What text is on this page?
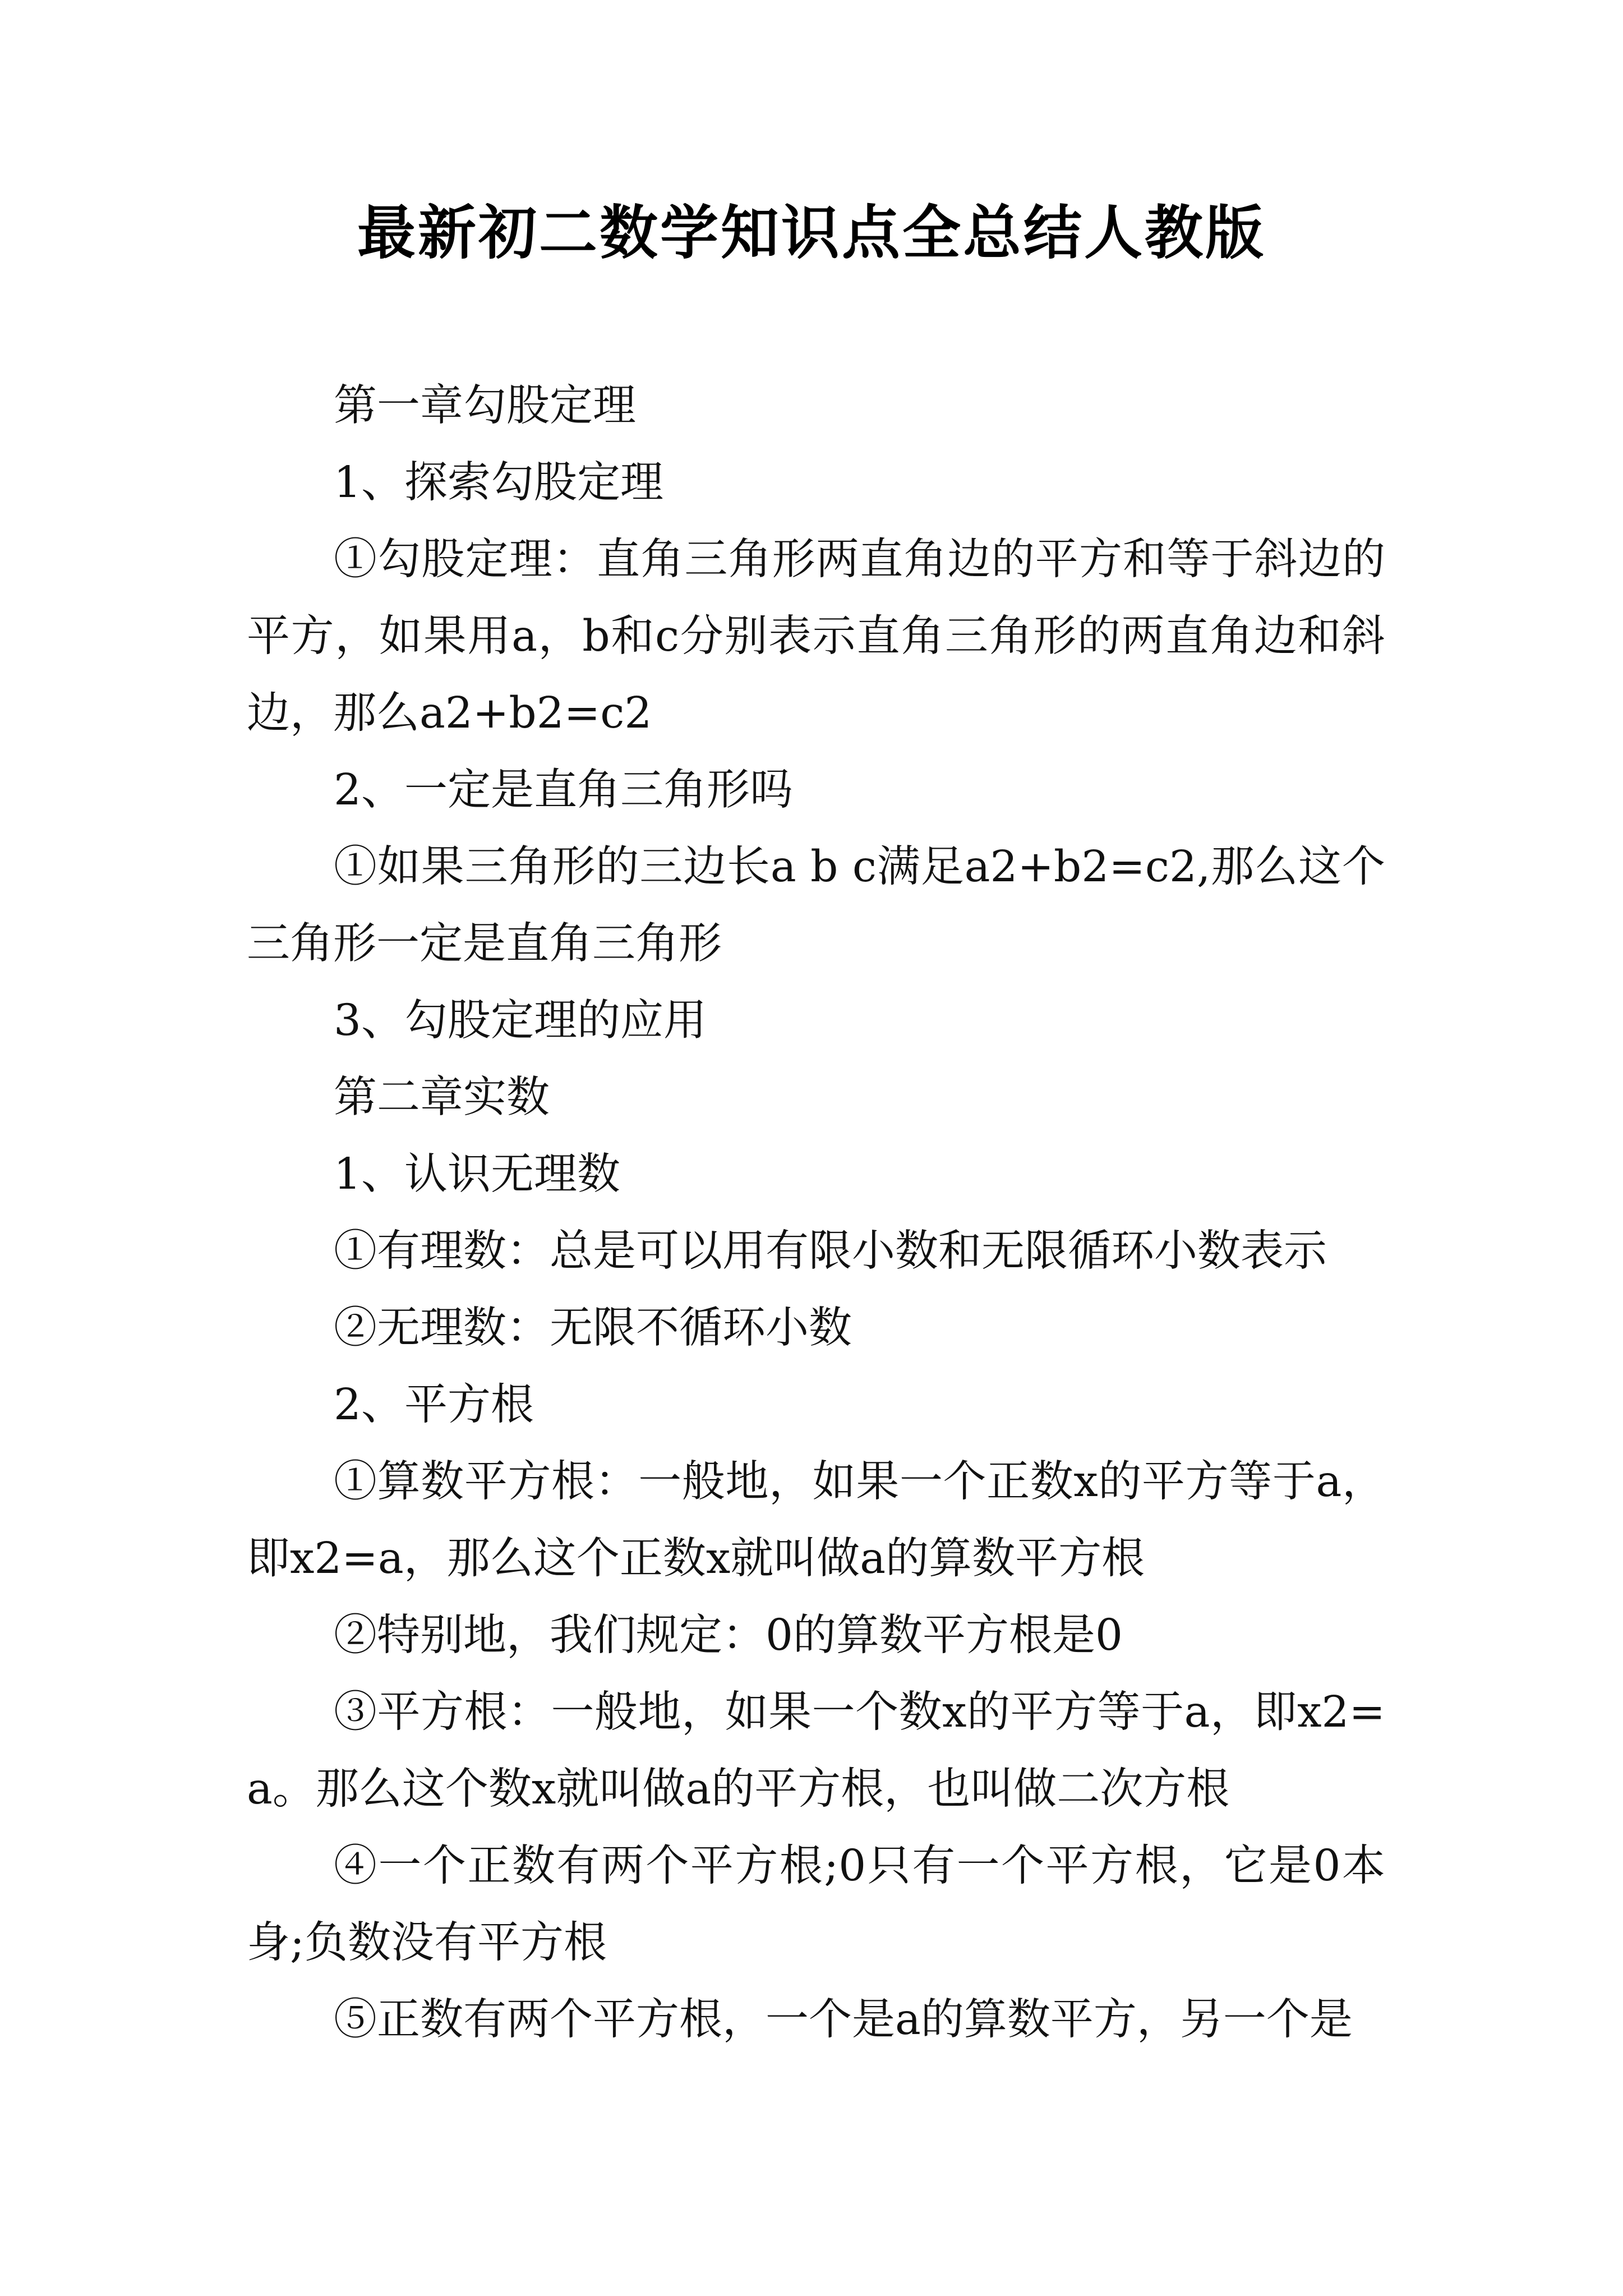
最新初二数学知识点全总结人教版

第一章勾股定理

1、探索勾股定理

①勾股定理：直角三角形两直角边的平方和等于斜边的平方，如果用a，b和c分别表示直角三角形的两直角边和斜边，那么a2+b2=c2

2、一定是直角三角形吗

①如果三角形的三边长a b c满足a2+b2=c2,那么这个三角形一定是直角三角形

3、勾股定理的应用

第二章实数

1、认识无理数

①有理数：总是可以用有限小数和无限循环小数表示

②无理数：无限不循环小数

2、平方根

①算数平方根：一般地，如果一个正数x的平方等于a，即x2=a，那么这个正数x就叫做a的算数平方根

②特别地，我们规定：0的算数平方根是0

③平方根：一般地，如果一个数x的平方等于a，即x2=a。那么这个数x就叫做a的平方根，也叫做二次方根

④一个正数有两个平方根;0只有一个平方根，它是0本身;负数没有平方根

⑤正数有两个平方根，一个是a的算数平方，另一个是
